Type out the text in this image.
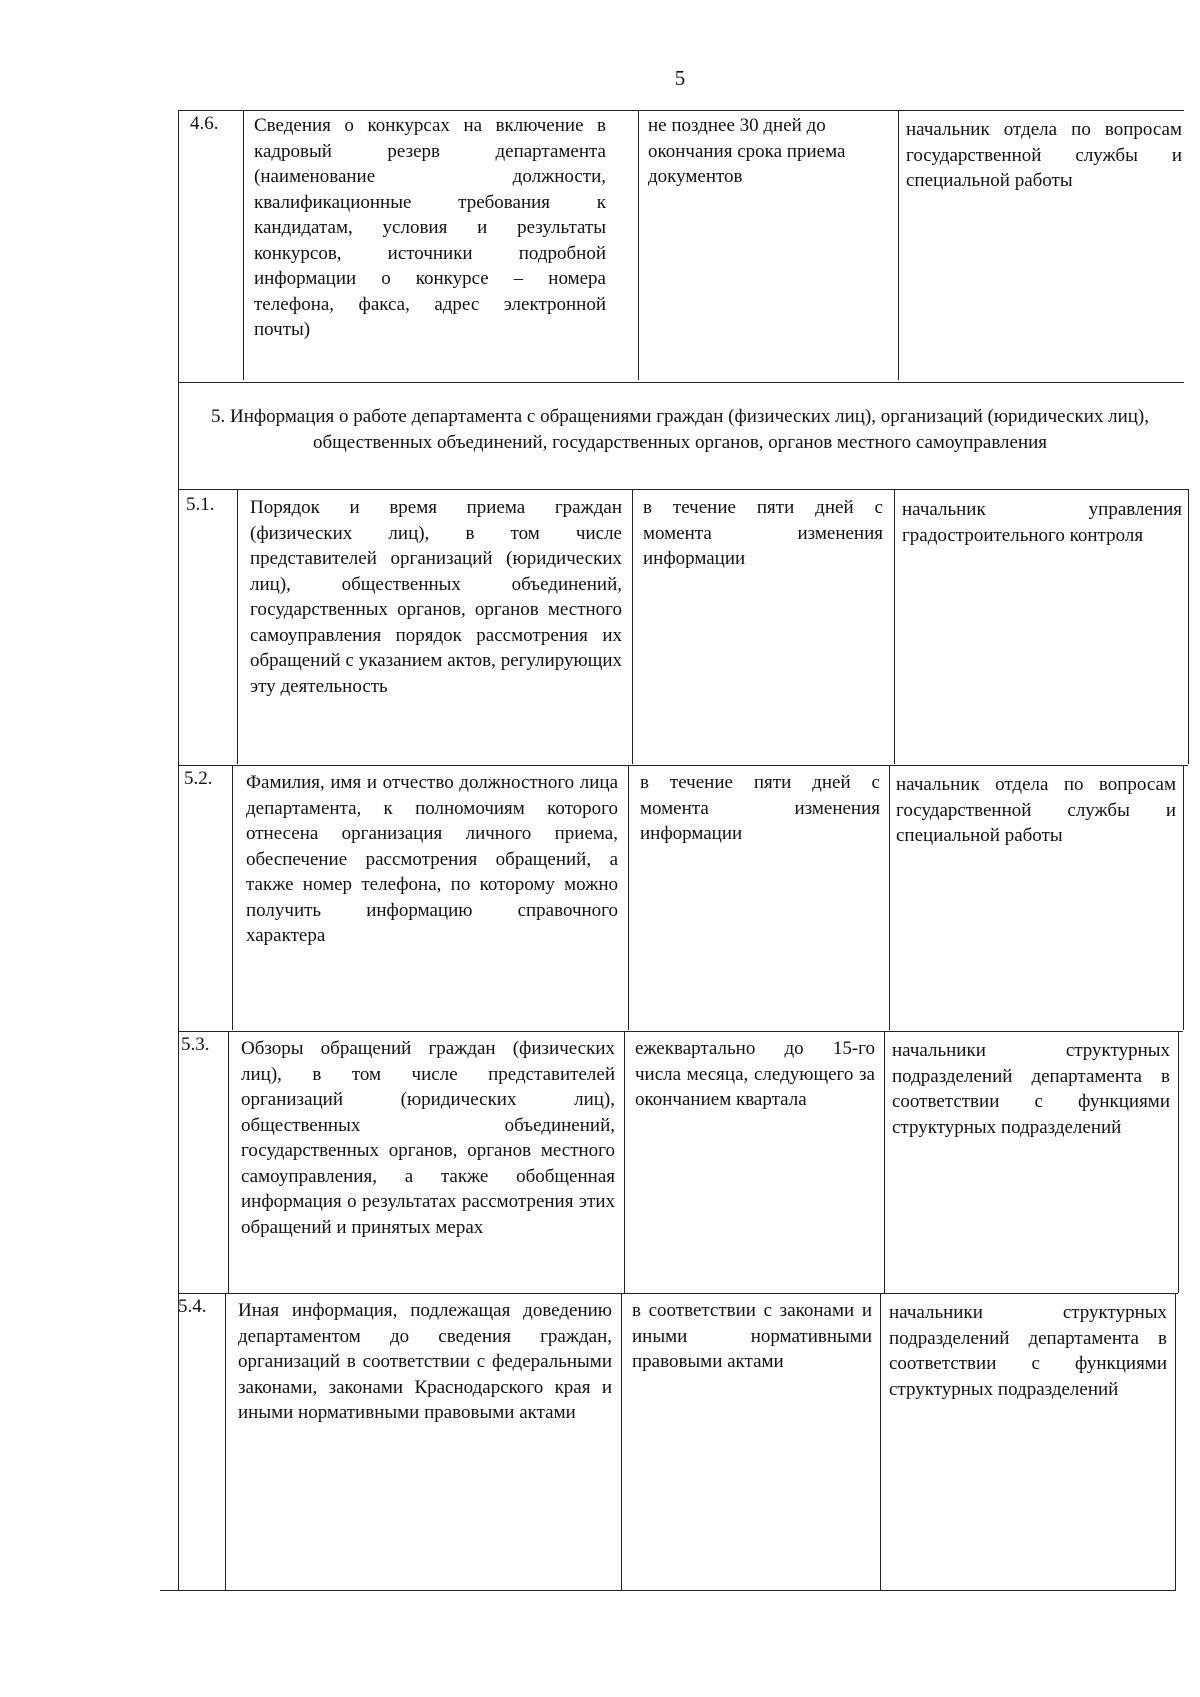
5
4.6. Сведения о конкурсах на включение в кадровый резерв департамента (наименование должности, квалификационные требования к кандидатам, условия и результаты конкурсов, источники подробной информации о конкурсе – номера телефона, факса, адрес электронной почты)
не позднее 30 дней до окончания срока приема документов
начальник отдела по вопросам государственной службы и специальной работы
5. Информация о работе департамента с обращениями граждан (физических лиц), организаций (юридических лиц), общественных объединений, государственных органов, органов местного самоуправления
5.1. Порядок и время приема граждан (физических лиц), в том числе представителей организаций (юридических лиц), общественных объединений, государственных органов, органов местного самоуправления порядок рассмотрения их обращений с указанием актов, регулирующих эту деятельность
в течение пяти дней с момента изменения информации
начальник управления градостроительного контроля
5.2. Фамилия, имя и отчество должностного лица департамента, к полномочиям которого отнесена организация личного приема, обеспечение рассмотрения обращений, а также номер телефона, по которому можно получить информацию справочного характера
в течение пяти дней с момента изменения информации
начальник отдела по вопросам государственной службы и специальной работы
5.3. Обзоры обращений граждан (физических лиц), в том числе представителей организаций (юридических лиц), общественных объединений, государственных органов, органов местного самоуправления, а также обобщенная информация о результатах рассмотрения этих обращений и принятых мерах
ежеквартально до 15-го числа месяца, следующего за окончанием квартала
начальники структурных подразделений департамента в соответствии с функциями структурных подразделений
5.4. Иная информация, подлежащая доведению департаментом до сведения граждан, организаций в соответствии с федеральными законами, законами Краснодарского края и иными нормативными правовыми актами
в соответствии с законами и иными нормативными правовыми актами
начальники структурных подразделений департамента в соответствии с функциями структурных подразделений
